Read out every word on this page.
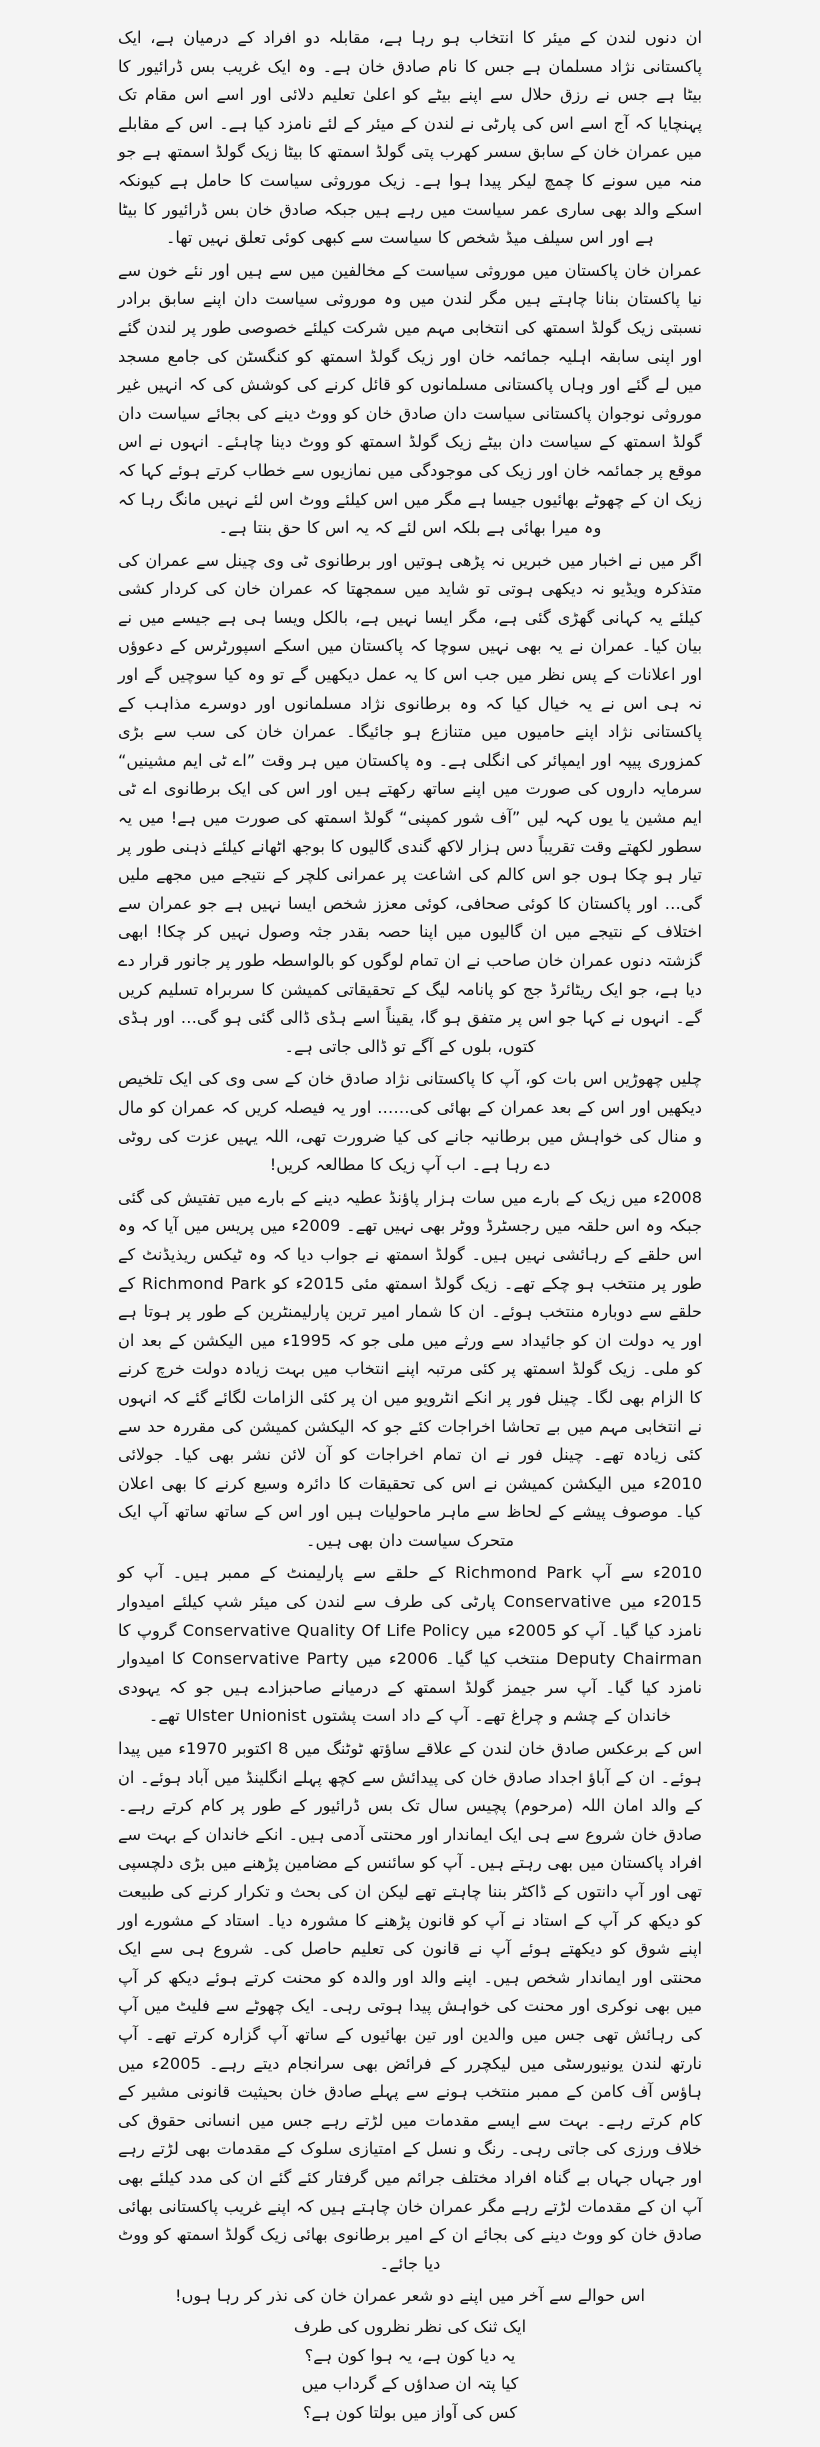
ان دنوں لندن کے میئر کا انتخاب ہو رہا ہے، مقابلہ دو افراد کے درمیان ہے، ایک پاکستانی نژاد مسلمان ہے جس کا نام صادق خان ہے۔ وہ ایک غریب بس ڈرائیور کا بیٹا ہے جس نے رزق حلال سے اپنے بیٹے کو اعلیٰ تعلیم دلائی اور اسے اس مقام تک پہنچایا کہ آج اسے اس کی پارٹی نے لندن کے میئر کے لئے نامزد کیا ہے۔ اس کے مقابلے میں عمران خان کے سابق سسر کھرب پتی گولڈ اسمتھ کا بیٹا زیک گولڈ اسمتھ ہے جو منہ میں سونے کا چمچ لیکر پیدا ہوا ہے۔ زیک موروثی سیاست کا حامل ہے کیونکہ اسکے والد بھی ساری عمر سیاست میں رہے ہیں جبکہ صادق خان بس ڈرائیور کا بیٹا ہے اور اس سیلف میڈ شخص کا سیاست سے کبھی کوئی تعلق نہیں تھا۔

عمران خان پاکستان میں موروثی سیاست کے مخالفین میں سے ہیں اور نئے خون سے نیا پاکستان بنانا چاہتے ہیں مگر لندن میں وہ موروثی سیاست دان اپنے سابق برادر نسبتی زیک گولڈ اسمتھ کی انتخابی مہم میں شرکت کیلئے خصوصی طور پر لندن گئے اور اپنی سابقہ اہلیہ جمائمہ خان اور زیک گولڈ اسمتھ کو کنگسٹن کی جامع مسجد میں لے گئے اور وہاں پاکستانی مسلمانوں کو قائل کرنے کی کوشش کی کہ انہیں غیر موروثی نوجوان پاکستانی سیاست دان صادق خان کو ووٹ دینے کی بجائے سیاست دان گولڈ اسمتھ کے سیاست دان بیٹے زیک گولڈ اسمتھ کو ووٹ دینا چاہئے۔ انہوں نے اس موقع پر جمائمہ خان اور زیک کی موجودگی میں نمازیوں سے خطاب کرتے ہوئے کہا کہ زیک ان کے چھوٹے بھائیوں جیسا ہے مگر میں اس کیلئے ووٹ اس لئے نہیں مانگ رہا کہ وہ میرا بھائی ہے بلکہ اس لئے کہ یہ اس کا حق بنتا ہے۔

اگر میں نے اخبار میں خبریں نہ پڑھی ہوتیں اور برطانوی ٹی وی چینل سے عمران کی متذکرہ ویڈیو نہ دیکھی ہوتی تو شاید میں سمجھتا کہ عمران خان کی کردار کشی کیلئے یہ کہانی گھڑی گئی ہے، مگر ایسا نہیں ہے، بالکل ویسا ہی ہے جیسے میں نے بیان کیا۔ عمران نے یہ بھی نہیں سوچا کہ پاکستان میں اسکے اسپورٹرس کے دعوؤں اور اعلانات کے پس نظر میں جب اس کا یہ عمل دیکھیں گے تو وہ کیا سوچیں گے اور نہ ہی اس نے یہ خیال کیا کہ وہ برطانوی نژاد مسلمانوں اور دوسرے مذاہب کے پاکستانی نژاد اپنے حامیوں میں متنازع ہو جائیگا۔ عمران خان کی سب سے بڑی کمزوری پیپہ اور ایمپائر کی انگلی ہے۔ وہ پاکستان میں ہر وقت ”اے ٹی ایم مشینیں“ سرمایہ داروں کی صورت میں اپنے ساتھ رکھتے ہیں اور اس کی ایک برطانوی اے ٹی ایم مشین یا یوں کہہ لیں ”آف شور کمپنی“ گولڈ اسمتھ کی صورت میں ہے! میں یہ سطور لکھتے وقت تقریباً دس ہزار لاکھ گندی گالیوں کا بوجھ اٹھانے کیلئے ذہنی طور پر تیار ہو چکا ہوں جو اس کالم کی اشاعت پر عمرانی کلچر کے نتیجے میں مجھے ملیں گی… اور پاکستان کا کوئی صحافی، کوئی معزز شخص ایسا نہیں ہے جو عمران سے اختلاف کے نتیجے میں ان گالیوں میں اپنا حصہ بقدر جثہ وصول نہیں کر چکا! ابھی گزشتہ دنوں عمران خان صاحب نے ان تمام لوگوں کو بالواسطہ طور پر جانور قرار دے دیا ہے، جو ایک ریٹائرڈ جج کو پانامہ لیگ کے تحقیقاتی کمیشن کا سربراہ تسلیم کریں گے۔ انہوں نے کہا جو اس پر متفق ہو گا، یقیناً اسے ہڈی ڈالی گئی ہو گی… اور ہڈی کتوں، بلوں کے آگے تو ڈالی جاتی ہے۔

چلیں چھوڑیں اس بات کو، آپ کا پاکستانی نژاد صادق خان کے سی وی کی ایک تلخیص دیکھیں اور اس کے بعد عمران کے بھائی کی…… اور یہ فیصلہ کریں کہ عمران کو مال و منال کی خواہش میں برطانیہ جانے کی کیا ضرورت تھی، اللہ یہیں عزت کی روٹی دے رہا ہے۔ اب آپ زیک کا مطالعہ کریں!

2008ء میں زیک کے بارے میں سات ہزار پاؤنڈ عطیہ دینے کے بارے میں تفتیش کی گئی جبکہ وہ اس حلقہ میں رجسٹرڈ ووٹر بھی نہیں تھے۔ 2009ء میں پریس میں آیا کہ وہ اس حلقے کے رہائشی نہیں ہیں۔ گولڈ اسمتھ نے جواب دیا کہ وہ ٹیکس ریذیڈنٹ کے طور پر منتخب ہو چکے تھے۔ زیک گولڈ اسمتھ مئی 2015ء کو Richmond Park کے حلقے سے دوبارہ منتخب ہوئے۔ ان کا شمار امیر ترین پارلیمنٹرین کے طور پر ہوتا ہے اور یہ دولت ان کو جائیداد سے ورثے میں ملی جو کہ 1995ء میں الیکشن کے بعد ان کو ملی۔ زیک گولڈ اسمتھ پر کئی مرتبہ اپنے انتخاب میں بہت زیادہ دولت خرچ کرنے کا الزام بھی لگا۔ چینل فور پر انکے انٹرویو میں ان پر کئی الزامات لگائے گئے کہ انہوں نے انتخابی مہم میں بے تحاشا اخراجات کئے جو کہ الیکشن کمیشن کی مقررہ حد سے کئی زیادہ تھے۔ چینل فور نے ان تمام اخراجات کو آن لائن نشر بھی کیا۔ جولائی 2010ء میں الیکشن کمیشن نے اس کی تحقیقات کا دائرہ وسیع کرنے کا بھی اعلان کیا۔ موصوف پیشے کے لحاظ سے ماہر ماحولیات ہیں اور اس کے ساتھ ساتھ آپ ایک متحرک سیاست دان بھی ہیں۔

2010ء سے آپ Richmond Park کے حلقے سے پارلیمنٹ کے ممبر ہیں۔ آپ کو 2015ء میں Conservative پارٹی کی طرف سے لندن کی میئر شپ کیلئے امیدوار نامزد کیا گیا۔ آپ کو 2005ء میں Conservative Quality Of Life Policy گروپ کا Deputy Chairman منتخب کیا گیا۔ 2006ء میں Conservative Party کا امیدوار نامزد کیا گیا۔ آپ سر جیمز گولڈ اسمتھ کے درمیانے صاحبزادے ہیں جو کہ یہودی خاندان کے چشم و چراغ تھے۔ آپ کے داد است پشتوں Ulster Unionist تھے۔

اس کے برعکس صادق خان لندن کے علاقے ساؤتھ ٹوٹنگ میں 8 اکتوبر 1970ء میں پیدا ہوئے۔ ان کے آباؤ اجداد صادق خان کی پیدائش سے کچھ پہلے انگلینڈ میں آباد ہوئے۔ ان کے والد امان اللہ (مرحوم) پچیس سال تک بس ڈرائیور کے طور پر کام کرتے رہے۔ صادق خان شروع سے ہی ایک ایماندار اور محنتی آدمی ہیں۔ انکے خاندان کے بہت سے افراد پاکستان میں بھی رہتے ہیں۔ آپ کو سائنس کے مضامین پڑھنے میں بڑی دلچسپی تھی اور آپ دانتوں کے ڈاکٹر بننا چاہتے تھے لیکن ان کی بحث و تکرار کرنے کی طبیعت کو دیکھ کر آپ کے استاد نے آپ کو قانون پڑھنے کا مشورہ دیا۔ استاد کے مشورے اور اپنے شوق کو دیکھتے ہوئے آپ نے قانون کی تعلیم حاصل کی۔ شروع ہی سے ایک محنتی اور ایماندار شخص ہیں۔ اپنے والد اور والدہ کو محنت کرتے ہوئے دیکھ کر آپ میں بھی نوکری اور محنت کی خواہش پیدا ہوتی رہی۔ ایک چھوٹے سے فلیٹ میں آپ کی رہائش تھی جس میں والدین اور تین بھائیوں کے ساتھ آپ گزارہ کرتے تھے۔ آپ نارتھ لندن یونیورسٹی میں لیکچرر کے فرائض بھی سرانجام دیتے رہے۔ 2005ء میں ہاؤس آف کامن کے ممبر منتخب ہونے سے پہلے صادق خان بحیثیت قانونی مشیر کے کام کرتے رہے۔ بہت سے ایسے مقدمات میں لڑتے رہے جس میں انسانی حقوق کی خلاف ورزی کی جاتی رہی۔ رنگ و نسل کے امتیازی سلوک کے مقدمات بھی لڑتے رہے اور جہاں جہاں بے گناہ افراد مختلف جرائم میں گرفتار کئے گئے ان کی مدد کیلئے بھی آپ ان کے مقدمات لڑتے رہے مگر عمران خان چاہتے ہیں کہ اپنے غریب پاکستانی بھائی صادق خان کو ووٹ دینے کی بجائے ان کے امیر برطانوی بھائی زیک گولڈ اسمتھ کو ووٹ دیا جائے۔

اس حوالے سے آخر میں اپنے دو شعر عمران خان کی نذر کر رہا ہوں!

ایک ثنک کی نظر نظروں کی طرف
یہ دیا کون ہے، یہ ہوا کون ہے؟
کیا پتہ ان صداؤں کے گرداب میں
کس کی آواز میں بولتا کون ہے؟
